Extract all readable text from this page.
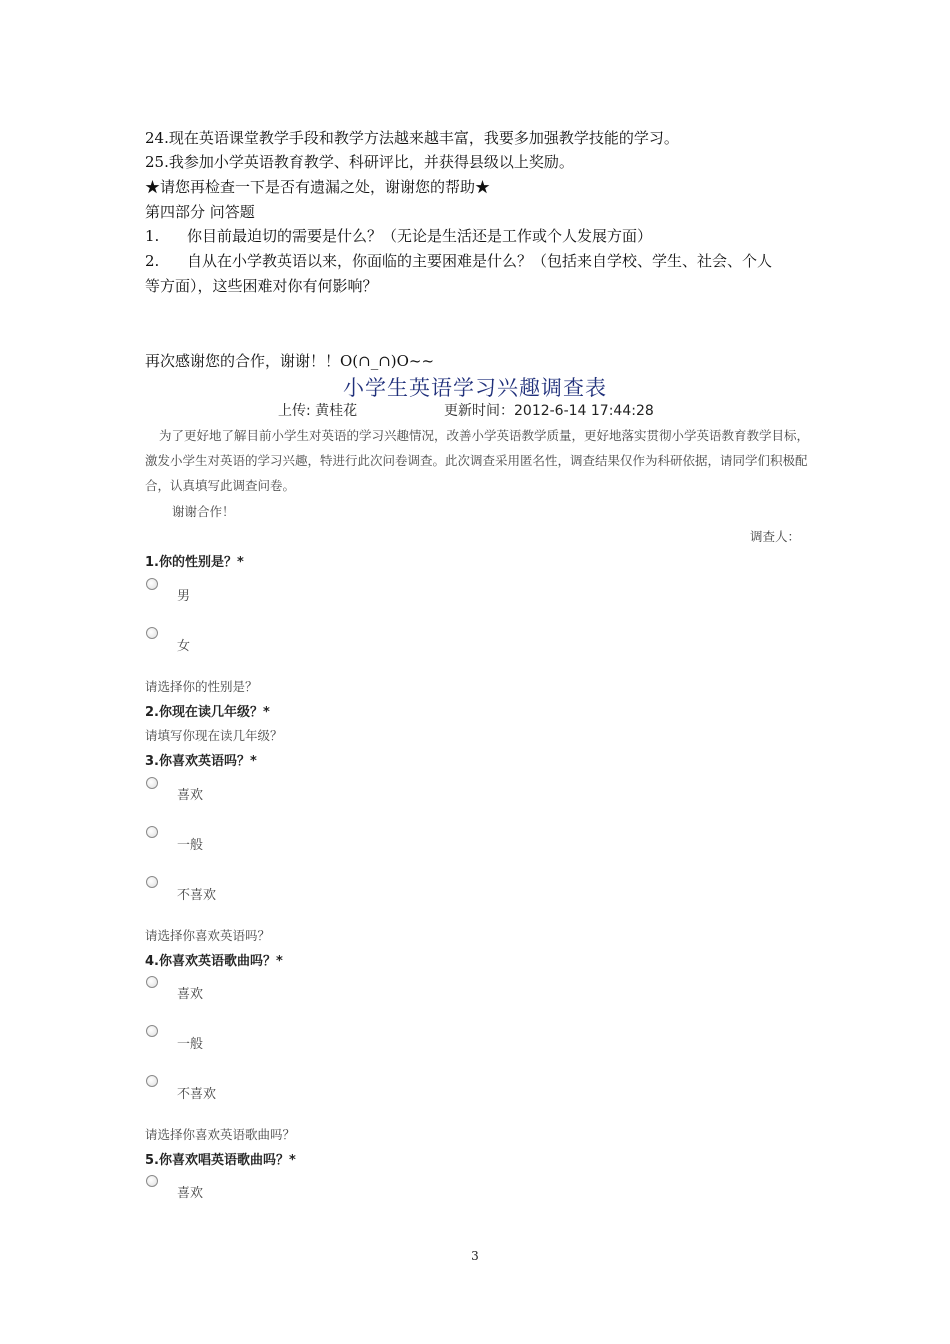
24.现在英语课堂教学手段和教学方法越来越丰富，我要多加强教学技能的学习。
25.我参加小学英语教育教学、科研评比，并获得县级以上奖励。
★请您再检查一下是否有遗漏之处，谢谢您的帮助★
第四部分 问答题
1. 你目前最迫切的需要是什么？（无论是生活还是工作或个人发展方面）
2. 自从在小学教英语以来，你面临的主要困难是什么？（包括来自学校、学生、社会、个人
等方面），这些困难对你有何影响？
再次感谢您的合作，谢谢！！O(∩_∩)O~~
小学生英语学习兴趣调查表
上传: 黄桂花	更新时间：2012-6-14 17:44:28
为了更好地了解目前小学生对英语的学习兴趣情况，改善小学英语教学质量，更好地落实贯彻小学英语教育教学目标，激发小学生对英语的学习兴趣，特进行此次问卷调查。此次调查采用匿名性，调查结果仅作为科研依据，请同学们积极配合，认真填写此调查问卷。
谢谢合作！
调查人：
1.你的性别是？*
男
女
请选择你的性别是？
2.你现在读几年级？*
请填写你现在读几年级？
3.你喜欢英语吗？*
喜欢
一般
不喜欢
请选择你喜欢英语吗？
4.你喜欢英语歌曲吗？*
喜欢
一般
不喜欢
请选择你喜欢英语歌曲吗？
5.你喜欢唱英语歌曲吗？*
喜欢
3
